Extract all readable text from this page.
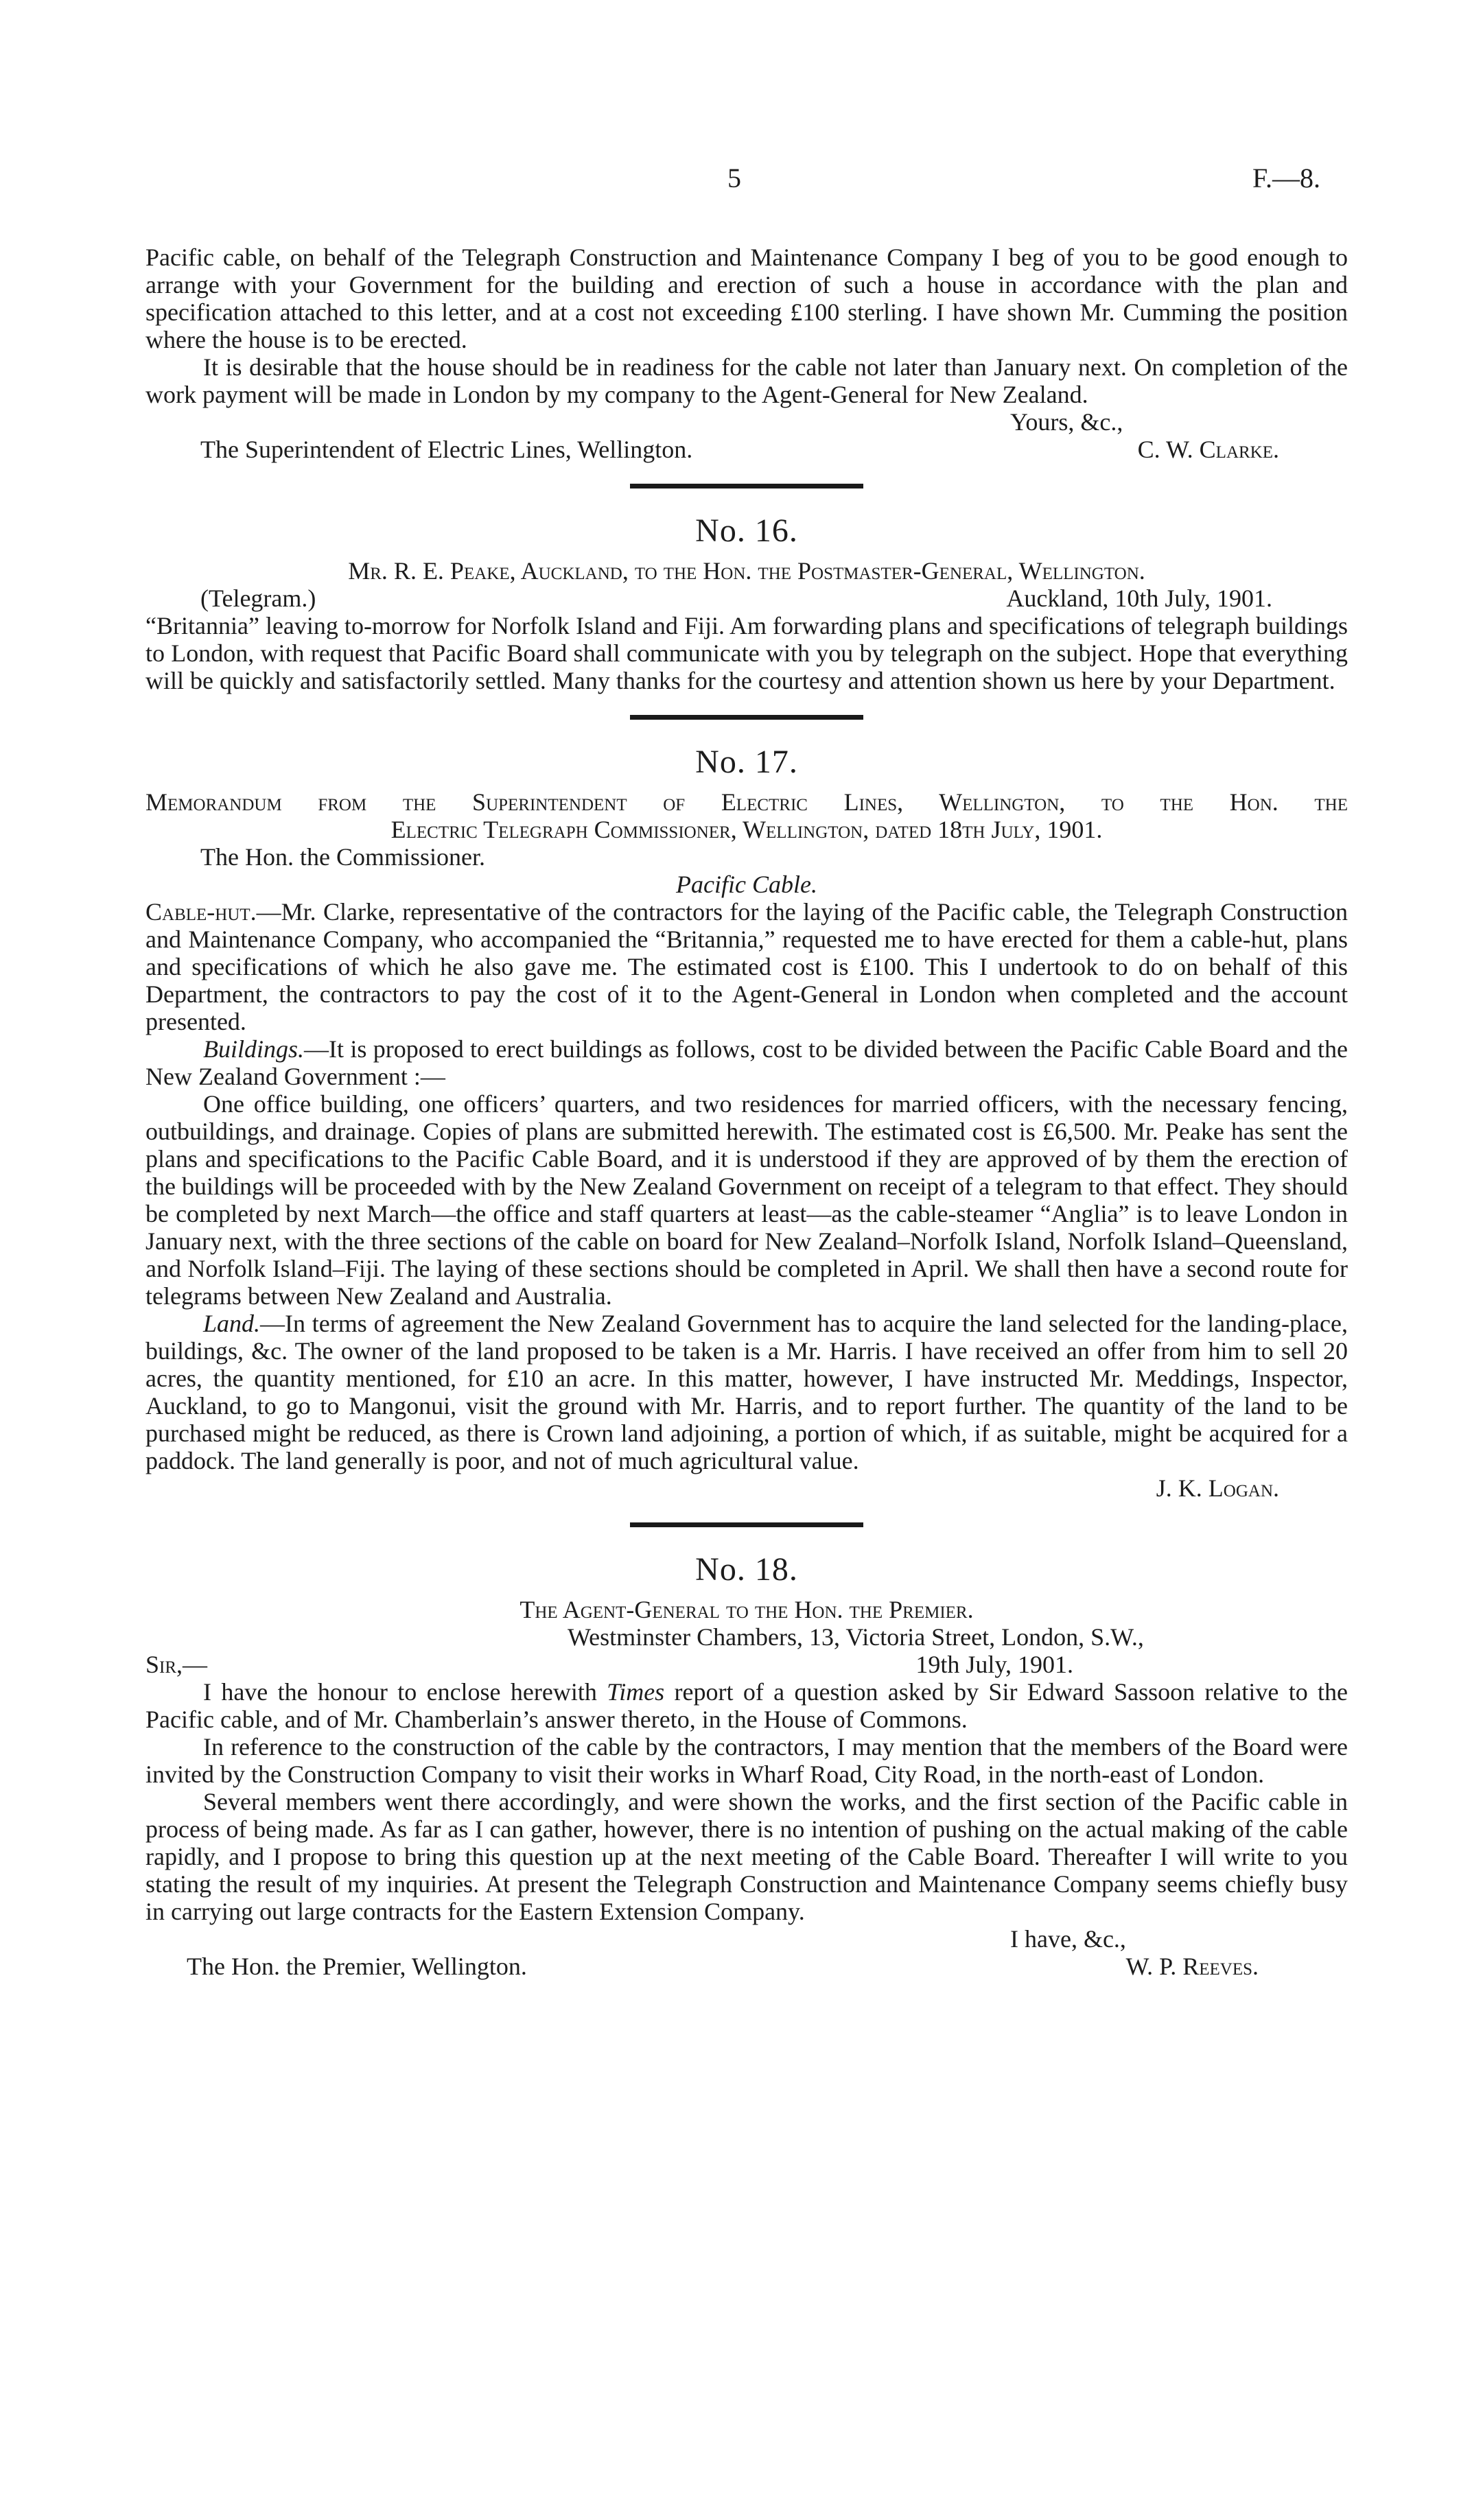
5	F.—8.

Pacific cable, on behalf of the Telegraph Construction and Maintenance Company I beg of you to be good enough to arrange with your Government for the building and erection of such a house in accordance with the plan and specification attached to this letter, and at a cost not exceeding £100 sterling. I have shown Mr. Cumming the position where the house is to be erected.

It is desirable that the house should be in readiness for the cable not later than January next. On completion of the work payment will be made in London by my company to the Agent-General for New Zealand.

Yours, &c.,

The Superintendent of Electric Lines, Wellington.	C. W. Clarke.
No. 16.

Mr. R. E. Peake, Auckland, to the Hon. the Postmaster-General, Wellington.

(Telegram.)	Auckland, 10th July, 1901.

“Britannia” leaving to-morrow for Norfolk Island and Fiji. Am forwarding plans and specifications of telegraph buildings to London, with request that Pacific Board shall communicate with you by telegraph on the subject. Hope that everything will be quickly and satisfactorily settled. Many thanks for the courtesy and attention shown us here by your Department.

No. 17.

Memorandum from the Superintendent of Electric Lines, Wellington, to the Hon. the

Electric Telegraph Commissioner, Wellington, dated 18th July, 1901.

The Hon. the Commissioner.

Pacific Cable.

Cable-hut.—Mr. Clarke, representative of the contractors for the laying of the Pacific cable, the Telegraph Construction and Maintenance Company, who accompanied the “Britannia,” requested me to have erected for them a cable-hut, plans and specifications of which he also gave me. The estimated cost is £100. This I undertook to do on behalf of this Department, the contractors to pay the cost of it to the Agent-General in London when completed and the account presented.

Buildings.—It is proposed to erect buildings as follows, cost to be divided between the Pacific Cable Board and the New Zealand Government :—

One office building, one officers’ quarters, and two residences for married officers, with the necessary fencing, outbuildings, and drainage. Copies of plans are submitted herewith. The estimated cost is £6,500. Mr. Peake has sent the plans and specifications to the Pacific Cable Board, and it is understood if they are approved of by them the erection of the buildings will be proceeded with by the New Zealand Government on receipt of a telegram to that effect. They should be completed by next March—the office and staff quarters at least—as the cable-steamer “Anglia” is to leave London in January next, with the three sections of the cable on board for New Zealand–Norfolk Island, Norfolk Island–Queensland, and Norfolk Island–Fiji. The laying of these sections should be completed in April. We shall then have a second route for telegrams between New Zealand and Australia.

Land.—In terms of agreement the New Zealand Government has to acquire the land selected for the landing-place, buildings, &c. The owner of the land proposed to be taken is a Mr. Harris. I have received an offer from him to sell 20 acres, the quantity mentioned, for £10 an acre. In this matter, however, I have instructed Mr. Meddings, Inspector, Auckland, to go to Mangonui, visit the ground with Mr. Harris, and to report further. The quantity of the land to be purchased might be reduced, as there is Crown land adjoining, a portion of which, if as suitable, might be acquired for a paddock. The land generally is poor, and not of much agricultural value.

J. K. Logan.

No. 18.

The Agent-General to the Hon. the Premier.

Westminster Chambers, 13, Victoria Street, London, S.W.,

Sir,—	19th July, 1901.

I have the honour to enclose herewith Times report of a question asked by Sir Edward Sassoon relative to the Pacific cable, and of Mr. Chamberlain’s answer thereto, in the House of Commons.

In reference to the construction of the cable by the contractors, I may mention that the members of the Board were invited by the Construction Company to visit their works in Wharf Road, City Road, in the north-east of London.

Several members went there accordingly, and were shown the works, and the first section of the Pacific cable in process of being made. As far as I can gather, however, there is no intention of pushing on the actual making of the cable rapidly, and I propose to bring this question up at the next meeting of the Cable Board. Thereafter I will write to you stating the result of my inquiries. At present the Telegraph Construction and Maintenance Company seems chiefly busy in carrying out large contracts for the Eastern Extension Company.

I have, &c.,

The Hon. the Premier, Wellington.	W. P. Reeves.
